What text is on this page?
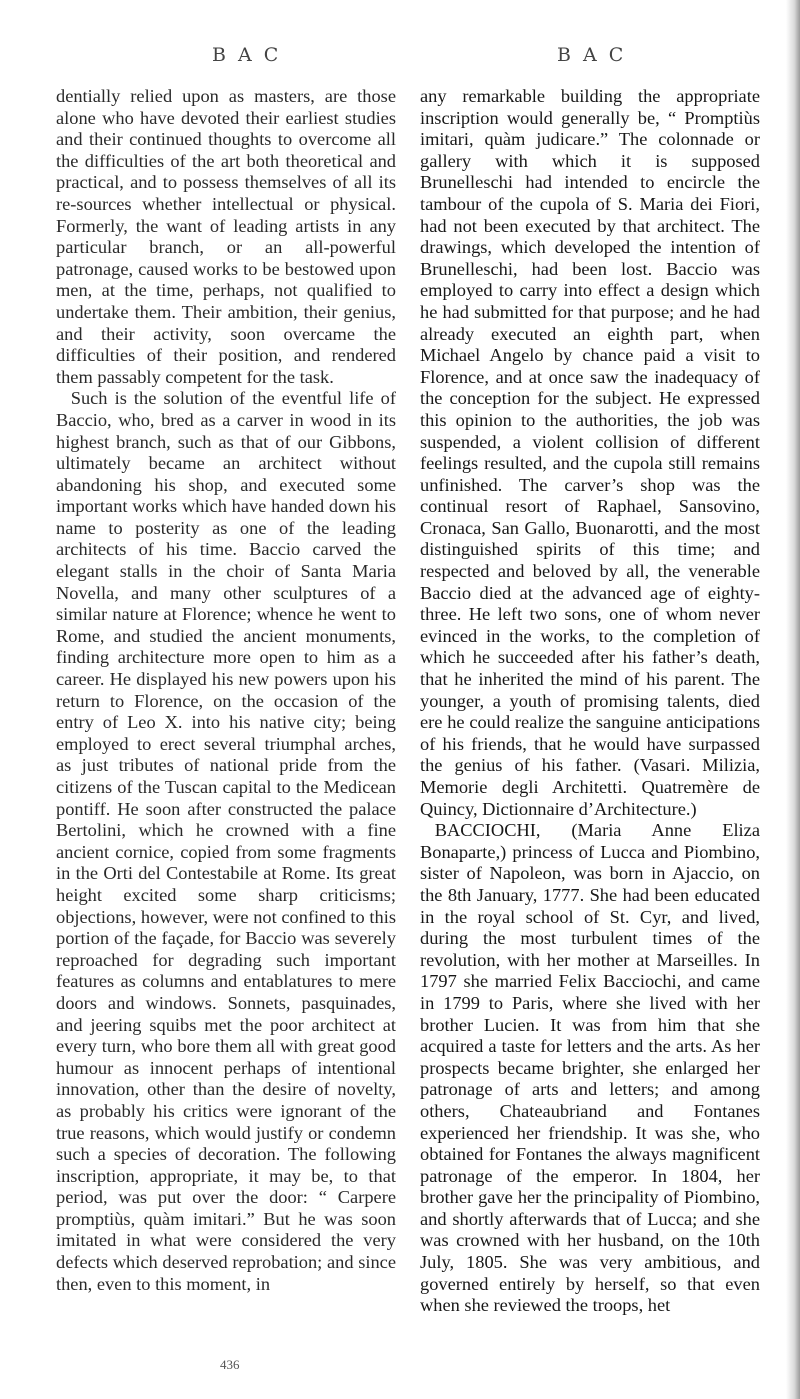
B A C	B A C

dentially relied upon as masters, are those alone who have devoted their earliest studies and their continued thoughts to overcome all the difficulties of the art both theoretical and practical, and to possess themselves of all its re-sources whether intellectual or physical. Formerly, the want of leading artists in any particular branch, or an all-powerful patronage, caused works to be bestowed upon men, at the time, perhaps, not qualified to undertake them. Their ambition, their genius, and their activity, soon overcame the difficulties of their position, and rendered them passably competent for the task.

Such is the solution of the eventful life of Baccio, who, bred as a carver in wood in its highest branch, such as that of our Gibbons, ultimately became an architect without abandoning his shop, and executed some important works which have handed down his name to posterity as one of the leading architects of his time. Baccio carved the elegant stalls in the choir of Santa Maria Novella, and many other sculptures of a similar nature at Florence; whence he went to Rome, and studied the ancient monuments, finding architecture more open to him as a career. He displayed his new powers upon his return to Florence, on the occasion of the entry of Leo X. into his native city; being employed to erect several triumphal arches, as just tributes of national pride from the citizens of the Tuscan capital to the Medicean pontiff. He soon after constructed the palace Bertolini, which he crowned with a fine ancient cornice, copied from some fragments in the Orti del Contestabile at Rome. Its great height excited some sharp criticisms; objections, however, were not confined to this portion of the façade, for Baccio was severely reproached for degrading such important features as columns and entablatures to mere doors and windows. Sonnets, pasquinades, and jeering squibs met the poor architect at every turn, who bore them all with great good humour as innocent perhaps of intentional innovation, other than the desire of novelty, as probably his critics were ignorant of the true reasons, which would justify or condemn such a species of decoration. The following inscription, appropriate, it may be, to that period, was put over the door: “ Carpere promptiùs, quàm imitari.” But he was soon imitated in what were considered the very defects which deserved reprobation; and since then, even to this moment, in

any remarkable building the appropriate inscription would generally be, “ Promptiùs imitari, quàm judicare.” The colonnade or gallery with which it is supposed Brunelleschi had intended to encircle the tambour of the cupola of S. Maria dei Fiori, had not been executed by that architect. The drawings, which developed the intention of Brunelleschi, had been lost. Baccio was employed to carry into effect a design which he had submitted for that purpose; and he had already executed an eighth part, when Michael Angelo by chance paid a visit to Florence, and at once saw the inadequacy of the conception for the subject. He expressed this opinion to the authorities, the job was suspended, a violent collision of different feelings resulted, and the cupola still remains unfinished. The carver’s shop was the continual resort of Raphael, Sansovino, Cronaca, San Gallo, Buonarotti, and the most distinguished spirits of this time; and respected and beloved by all, the venerable Baccio died at the advanced age of eighty-three. He left two sons, one of whom never evinced in the works, to the completion of which he succeeded after his father’s death, that he inherited the mind of his parent. The younger, a youth of promising talents, died ere he could realize the sanguine anticipations of his friends, that he would have surpassed the genius of his father. (Vasari. Milizia, Memorie degli Architetti. Quatremère de Quincy, Dictionnaire d’Architecture.)

BACCIOCHI, (Maria Anne Eliza Bonaparte,) princess of Lucca and Piombino, sister of Napoleon, was born in Ajaccio, on the 8th January, 1777. She had been educated in the royal school of St. Cyr, and lived, during the most turbulent times of the revolution, with her mother at Marseilles. In 1797 she married Felix Bacciochi, and came in 1799 to Paris, where she lived with her brother Lucien. It was from him that she acquired a taste for letters and the arts. As her prospects became brighter, she enlarged her patronage of arts and letters; and among others, Chateaubriand and Fontanes experienced her friendship. It was she, who obtained for Fontanes the always magnificent patronage of the emperor. In 1804, her brother gave her the principality of Piombino, and shortly afterwards that of Lucca; and she was crowned with her husband, on the 10th July, 1805. She was very ambitious, and governed entirely by herself, so that even when she reviewed the troops, het

436
